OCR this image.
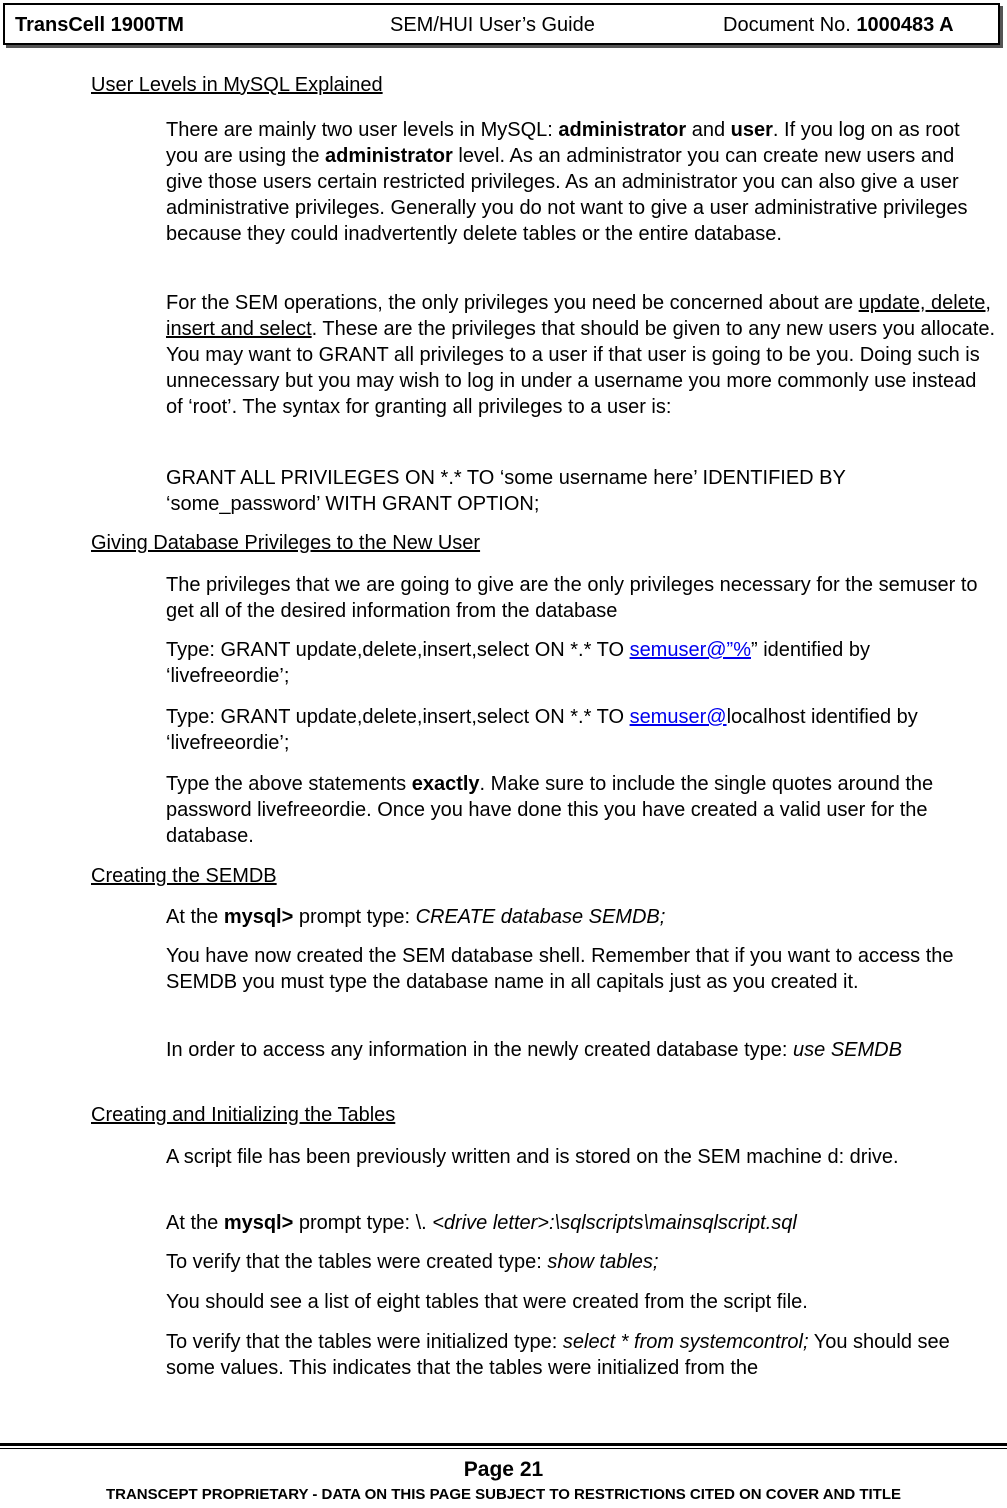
TransCell 1900TM	SEM/HUI User’s Guide	Document No. 1000483 A
User Levels in MySQL Explained
There are mainly two user levels in MySQL: administrator and user. If you log on as root you are using the administrator level. As an administrator you can create new users and give those users certain restricted privileges. As an administrator you can also give a user administrative privileges. Generally you do not want to give a user administrative privileges because they could inadvertently delete tables or the entire database.
For the SEM operations, the only privileges you need be concerned about are update, delete, insert and select. These are the privileges that should be given to any new users you allocate. You may want to GRANT all privileges to a user if that user is going to be you. Doing such is unnecessary but you may wish to log in under a username you more commonly use instead of ‘root’. The syntax for granting all privileges to a user is:
GRANT ALL PRIVILEGES ON *.* TO ‘some username here’ IDENTIFIED BY ‘some_password’ WITH GRANT OPTION;
Giving Database Privileges to the New User
The privileges that we are going to give are the only privileges necessary for the semuser to get all of the desired information from the database
Type: GRANT update,delete,insert,select ON *.* TO semuser@”%” identified by ‘livefreeordie’;
Type: GRANT update,delete,insert,select ON *.* TO semuser@localhost identified by ‘livefreeordie’;
Type the above statements exactly. Make sure to include the single quotes around the password livefreeordie. Once you have done this you have created a valid user for the database.
Creating the SEMDB
At the mysql> prompt type: CREATE database SEMDB;
You have now created the SEM database shell. Remember that if you want to access the SEMDB you must type the database name in all capitals just as you created it.
In order to access any information in the newly created database type: use SEMDB
Creating and Initializing the Tables
A script file has been previously written and is stored on the SEM machine d: drive.
At the mysql> prompt type: \. <drive letter>:\sqlscripts\mainsqlscript.sql
To verify that the tables were created type: show tables;
You should see a list of eight tables that were created from the script file.
To verify that the tables were initialized type: select * from systemcontrol; You should see some values. This indicates that the tables were initialized from the
Page 21
TRANSCEPT PROPRIETARY - DATA ON THIS PAGE SUBJECT TO RESTRICTIONS CITED ON COVER AND TITLE
